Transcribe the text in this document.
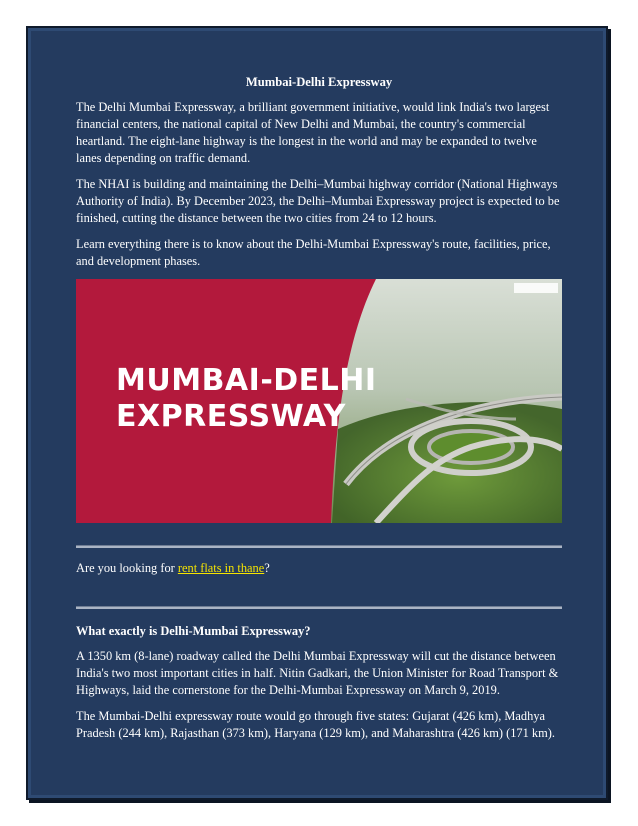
Mumbai-Delhi Expressway

The Delhi Mumbai Expressway, a brilliant government initiative, would link India's two largest financial centers, the national capital of New Delhi and Mumbai, the country's commercial heartland. The eight-lane highway is the longest in the world and may be expanded to twelve lanes depending on traffic demand.

The NHAI is building and maintaining the Delhi–Mumbai highway corridor (National Highways Authority of India). By December 2023, the Delhi–Mumbai Expressway project is expected to be finished, cutting the distance between the two cities from 24 to 12 hours.

Learn everything there is to know about the Delhi-Mumbai Expressway's route, facilities, price, and development phases.

MUMBAI-DELHI
EXPRESSWAY

Are you looking for rent flats in thane?

What exactly is Delhi-Mumbai Expressway?

A 1350 km (8-lane) roadway called the Delhi Mumbai Expressway will cut the distance between India's two most important cities in half. Nitin Gadkari, the Union Minister for Road Transport & Highways, laid the cornerstone for the Delhi-Mumbai Expressway on March 9, 2019.

The Mumbai-Delhi expressway route would go through five states: Gujarat (426 km), Madhya Pradesh (244 km), Rajasthan (373 km), Haryana (129 km), and Maharashtra (426 km) (171 km).
